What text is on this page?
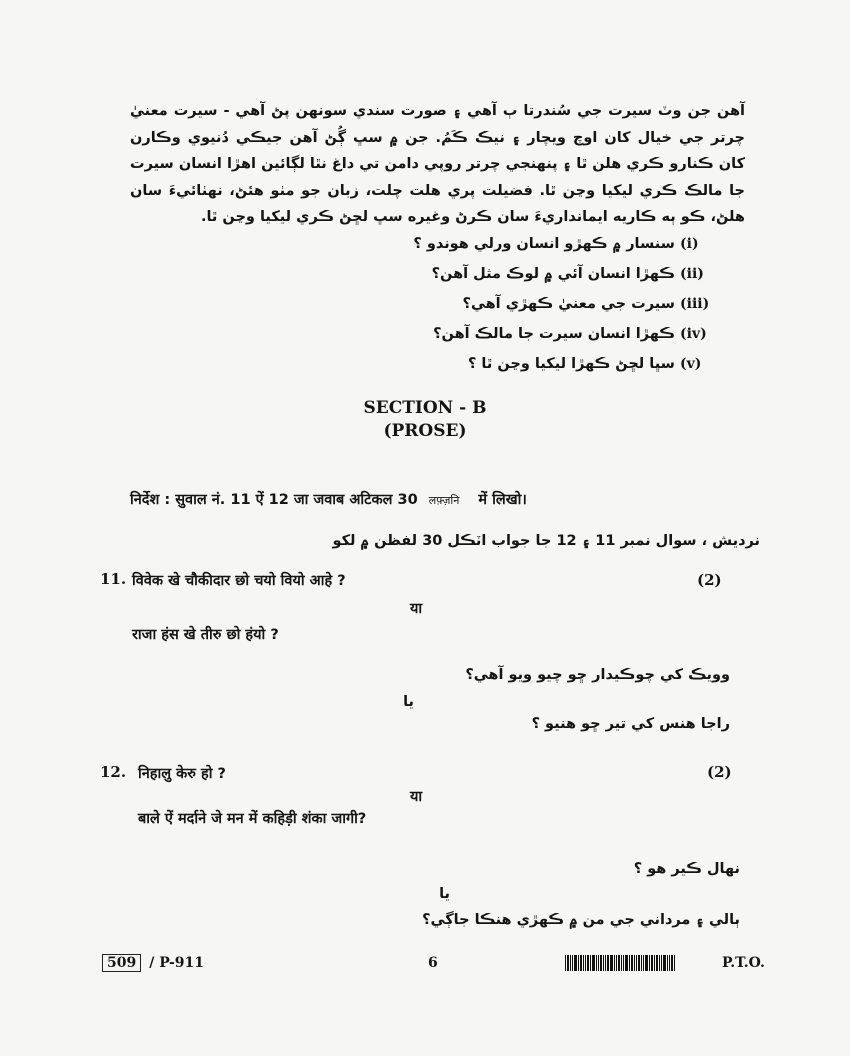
آهن جن وٽ سيرت جي سُندرتا ٻ آهي ۽ صورت سندي سونهن پڻ آهي - سيرت معنيٰ چرتر جي خيال کان اوچ ويچار ۽ نيڪ ڪَمُ. جن ۾ سڀ ڳُڻ آهن جيڪي دُنيوي وڪارن کان ڪنارو ڪري هلن ٿا ۽ پنهنجي چرتر روپي دامن تي داغ نٿا لڳائين اهڙا انسان سيرت جا مالڪ ڪري ليکيا وڃن ٿا. فضيلت پري هلت چلت، زبان جو مٺو هئڻ، نهٺائيءَ سان هلڻ، ڪو ٻه ڪاريه ايمانداريءَ سان ڪرڻ وغيره سڀ لڇڻ ڪري ليکيا وڃن ٿا.
(i) سنسار ۾ ڪهڙو انسان ورلي هوندو ؟
(ii) ڪهڙا انسان آئي ۾ لوڪ مثل آهن؟
(iii) سيرت جي معنيٰ ڪهڙي آهي؟
(iv) ڪهڙا انسان سيرت جا مالڪ آهن؟
(v) سڀا لڇڻ ڪهڙا ليکيا وڃن ٿا ؟
SECTION - B
(PROSE)
निर्देश : सुवाल नं. 11 ऐं 12 जा जवाब अटिकल 30 लफ़्ज़नि में लिखो।
نرديش ، سوال نمبر 11 ۽ 12 جا جواب اٽڪل 30 لفظن ۾ لکو
11. विवेक खे चौकीदार छो चयो वियो आहे ?	(2)
या
राजा हंस खे तीरु छो हंयो ?
وويڪ کي چوڪيدار ڇو چيو ويو آهي؟
يا
راجا هنس کي تير ڇو هنيو ؟
12. निहालु केरु हो ?	(2)
या
बाले ऐं मर्दाने जे मन में कहिड़ी शंका जागी?
نهال ڪير هو ؟
يا
ٻالي ۽ مرداني جي من ۾ ڪهڙي هنڪا جاڳي؟
509 / P-911	6	P.T.O.
